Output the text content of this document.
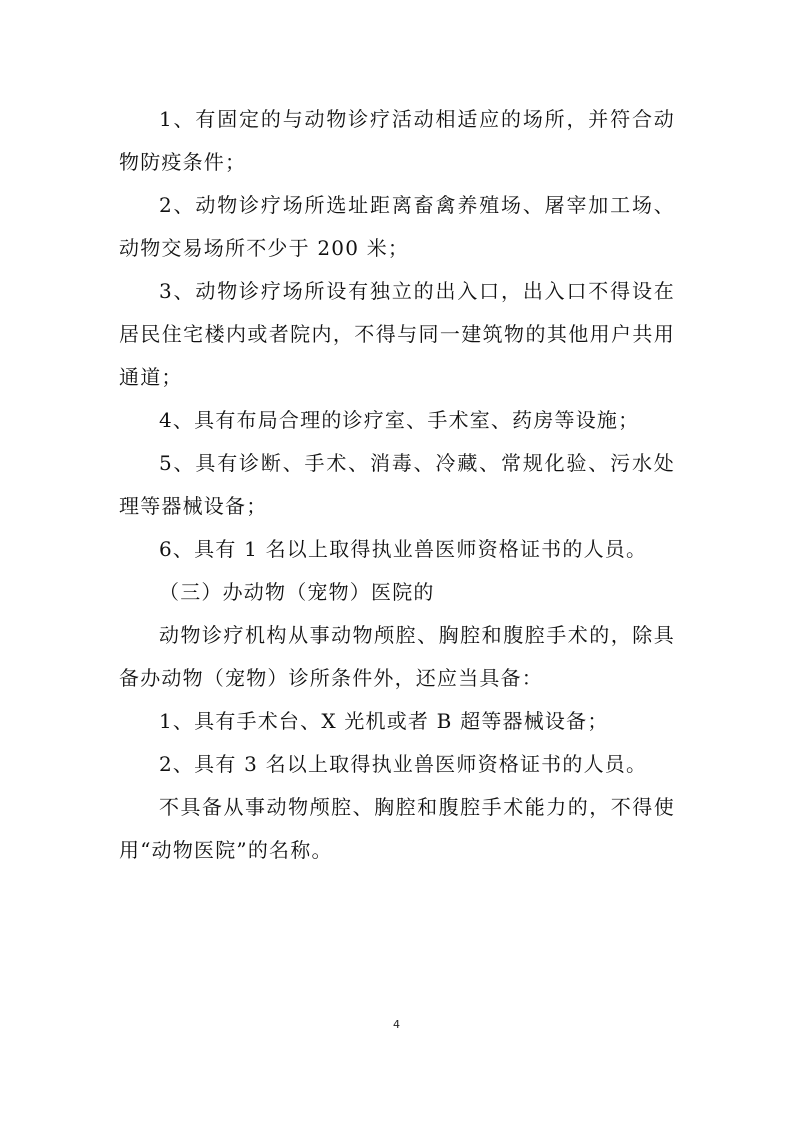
1、有固定的与动物诊疗活动相适应的场所，并符合动物防疫条件；

2、动物诊疗场所选址距离畜禽养殖场、屠宰加工场、动物交易场所不少于 200 米；

3、动物诊疗场所设有独立的出入口，出入口不得设在居民住宅楼内或者院内，不得与同一建筑物的其他用户共用通道；

4、具有布局合理的诊疗室、手术室、药房等设施；

5、具有诊断、手术、消毒、冷藏、常规化验、污水处理等器械设备；

6、具有 1 名以上取得执业兽医师资格证书的人员。

（三）办动物（宠物）医院的

动物诊疗机构从事动物颅腔、胸腔和腹腔手术的，除具备办动物（宠物）诊所条件外，还应当具备：

1、具有手术台、X 光机或者 B 超等器械设备；

2、具有 3 名以上取得执业兽医师资格证书的人员。

不具备从事动物颅腔、胸腔和腹腔手术能力的，不得使用“动物医院”的名称。

4
